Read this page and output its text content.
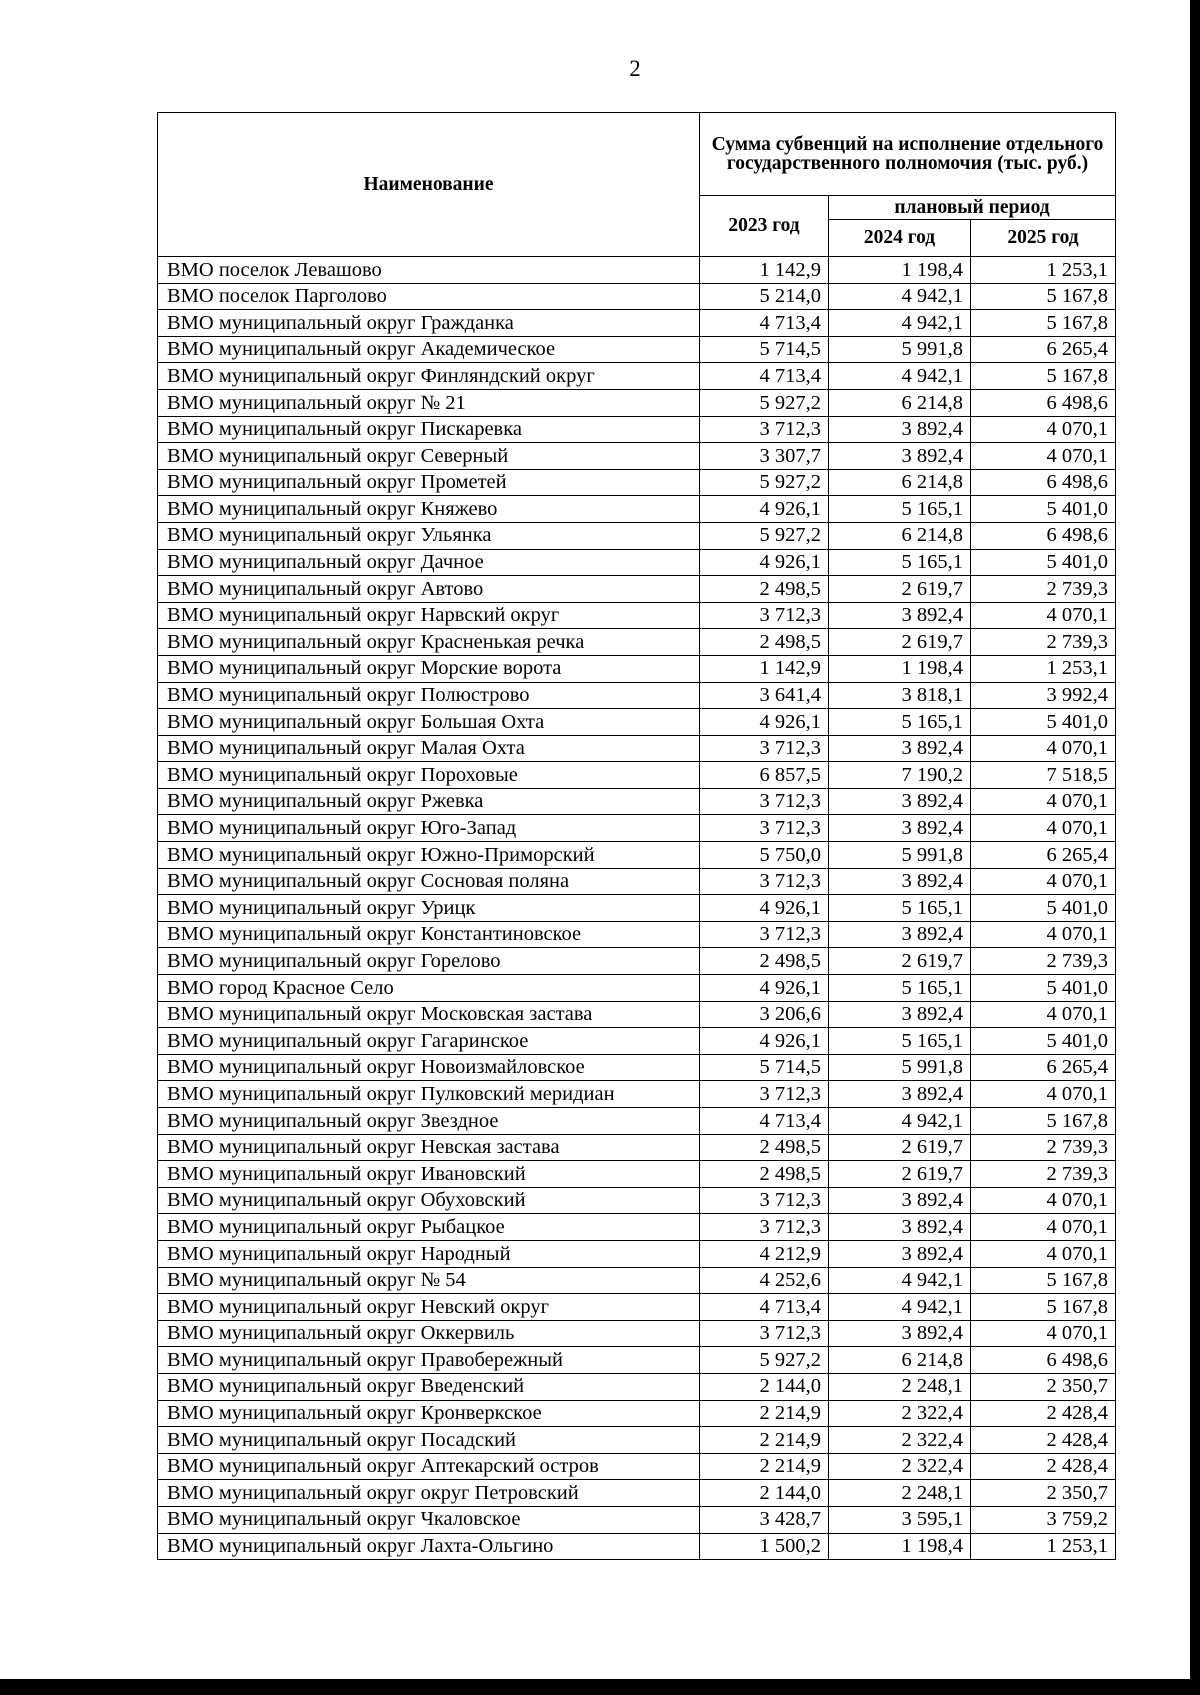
2
Наименование	Сумма субвенций на исполнение отдельного государственного полномочия (тыс. руб.)		
	2023 год	плановый период	
		2024 год	2025 год
ВМО поселок Левашово	1 142,9	1 198,4	1 253,1
ВМО поселок Парголово	5 214,0	4 942,1	5 167,8
ВМО муниципальный округ Гражданка	4 713,4	4 942,1	5 167,8
ВМО муниципальный округ Академическое	5 714,5	5 991,8	6 265,4
ВМО муниципальный округ Финляндский округ	4 713,4	4 942,1	5 167,8
ВМО муниципальный округ № 21	5 927,2	6 214,8	6 498,6
ВМО муниципальный округ Пискаревка	3 712,3	3 892,4	4 070,1
ВМО муниципальный округ Северный	3 307,7	3 892,4	4 070,1
ВМО муниципальный округ Прометей	5 927,2	6 214,8	6 498,6
ВМО муниципальный округ Княжево	4 926,1	5 165,1	5 401,0
ВМО муниципальный округ Ульянка	5 927,2	6 214,8	6 498,6
ВМО муниципальный округ Дачное	4 926,1	5 165,1	5 401,0
ВМО муниципальный округ Автово	2 498,5	2 619,7	2 739,3
ВМО муниципальный округ Нарвский округ	3 712,3	3 892,4	4 070,1
ВМО муниципальный округ Красненькая речка	2 498,5	2 619,7	2 739,3
ВМО муниципальный округ Морские ворота	1 142,9	1 198,4	1 253,1
ВМО муниципальный округ Полюстрово	3 641,4	3 818,1	3 992,4
ВМО муниципальный округ Большая Охта	4 926,1	5 165,1	5 401,0
ВМО муниципальный округ Малая Охта	3 712,3	3 892,4	4 070,1
ВМО муниципальный округ Пороховые	6 857,5	7 190,2	7 518,5
ВМО муниципальный округ Ржевка	3 712,3	3 892,4	4 070,1
ВМО муниципальный округ Юго-Запад	3 712,3	3 892,4	4 070,1
ВМО муниципальный округ Южно-Приморский	5 750,0	5 991,8	6 265,4
ВМО муниципальный округ Сосновая поляна	3 712,3	3 892,4	4 070,1
ВМО муниципальный округ Урицк	4 926,1	5 165,1	5 401,0
ВМО муниципальный округ Константиновское	3 712,3	3 892,4	4 070,1
ВМО муниципальный округ Горелово	2 498,5	2 619,7	2 739,3
ВМО город Красное Село	4 926,1	5 165,1	5 401,0
ВМО муниципальный округ Московская застава	3 206,6	3 892,4	4 070,1
ВМО муниципальный округ Гагаринское	4 926,1	5 165,1	5 401,0
ВМО муниципальный округ Новоизмайловское	5 714,5	5 991,8	6 265,4
ВМО муниципальный округ Пулковский меридиан	3 712,3	3 892,4	4 070,1
ВМО муниципальный округ Звездное	4 713,4	4 942,1	5 167,8
ВМО муниципальный округ Невская застава	2 498,5	2 619,7	2 739,3
ВМО муниципальный округ Ивановский	2 498,5	2 619,7	2 739,3
ВМО муниципальный округ Обуховский	3 712,3	3 892,4	4 070,1
ВМО муниципальный округ Рыбацкое	3 712,3	3 892,4	4 070,1
ВМО муниципальный округ Народный	4 212,9	3 892,4	4 070,1
ВМО муниципальный округ № 54	4 252,6	4 942,1	5 167,8
ВМО муниципальный округ Невский округ	4 713,4	4 942,1	5 167,8
ВМО муниципальный округ Оккервиль	3 712,3	3 892,4	4 070,1
ВМО муниципальный округ Правобережный	5 927,2	6 214,8	6 498,6
ВМО муниципальный округ Введенский	2 144,0	2 248,1	2 350,7
ВМО муниципальный округ Кронверкское	2 214,9	2 322,4	2 428,4
ВМО муниципальный округ Посадский	2 214,9	2 322,4	2 428,4
ВМО муниципальный округ Аптекарский остров	2 214,9	2 322,4	2 428,4
ВМО муниципальный округ округ Петровский	2 144,0	2 248,1	2 350,7
ВМО муниципальный округ Чкаловское	3 428,7	3 595,1	3 759,2
ВМО муниципальный округ Лахта-Ольгино	1 500,2	1 198,4	1 253,1
